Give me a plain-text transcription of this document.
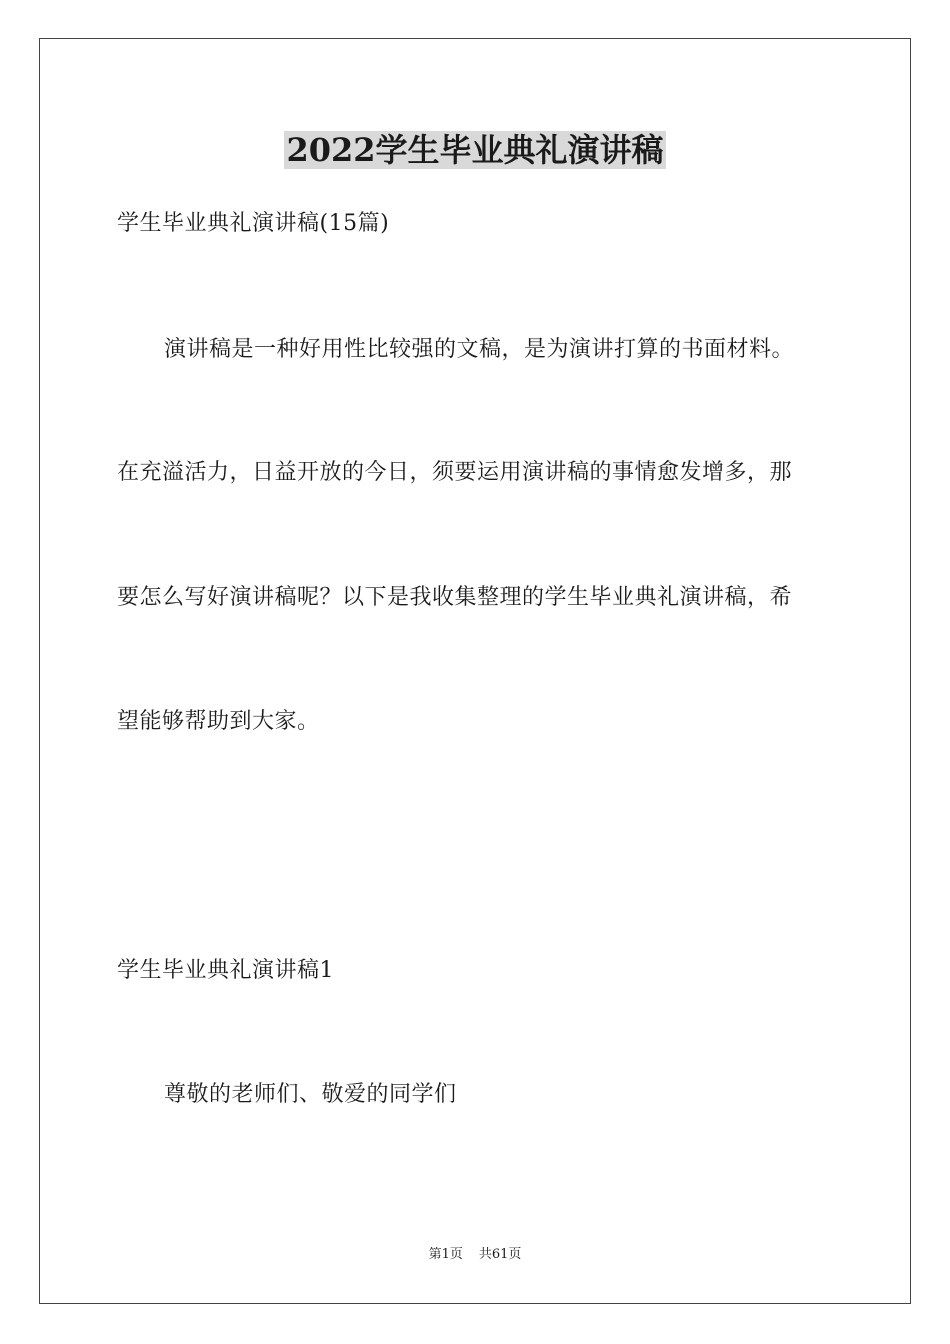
2022学生毕业典礼演讲稿
学生毕业典礼演讲稿(15篇)
演讲稿是一种好用性比较强的文稿，是为演讲打算的书面材料。
在充溢活力，日益开放的今日，须要运用演讲稿的事情愈发增多，那
要怎么写好演讲稿呢？以下是我收集整理的学生毕业典礼演讲稿，希
望能够帮助到大家。
学生毕业典礼演讲稿1
尊敬的老师们、敬爱的同学们
第1页 共61页
